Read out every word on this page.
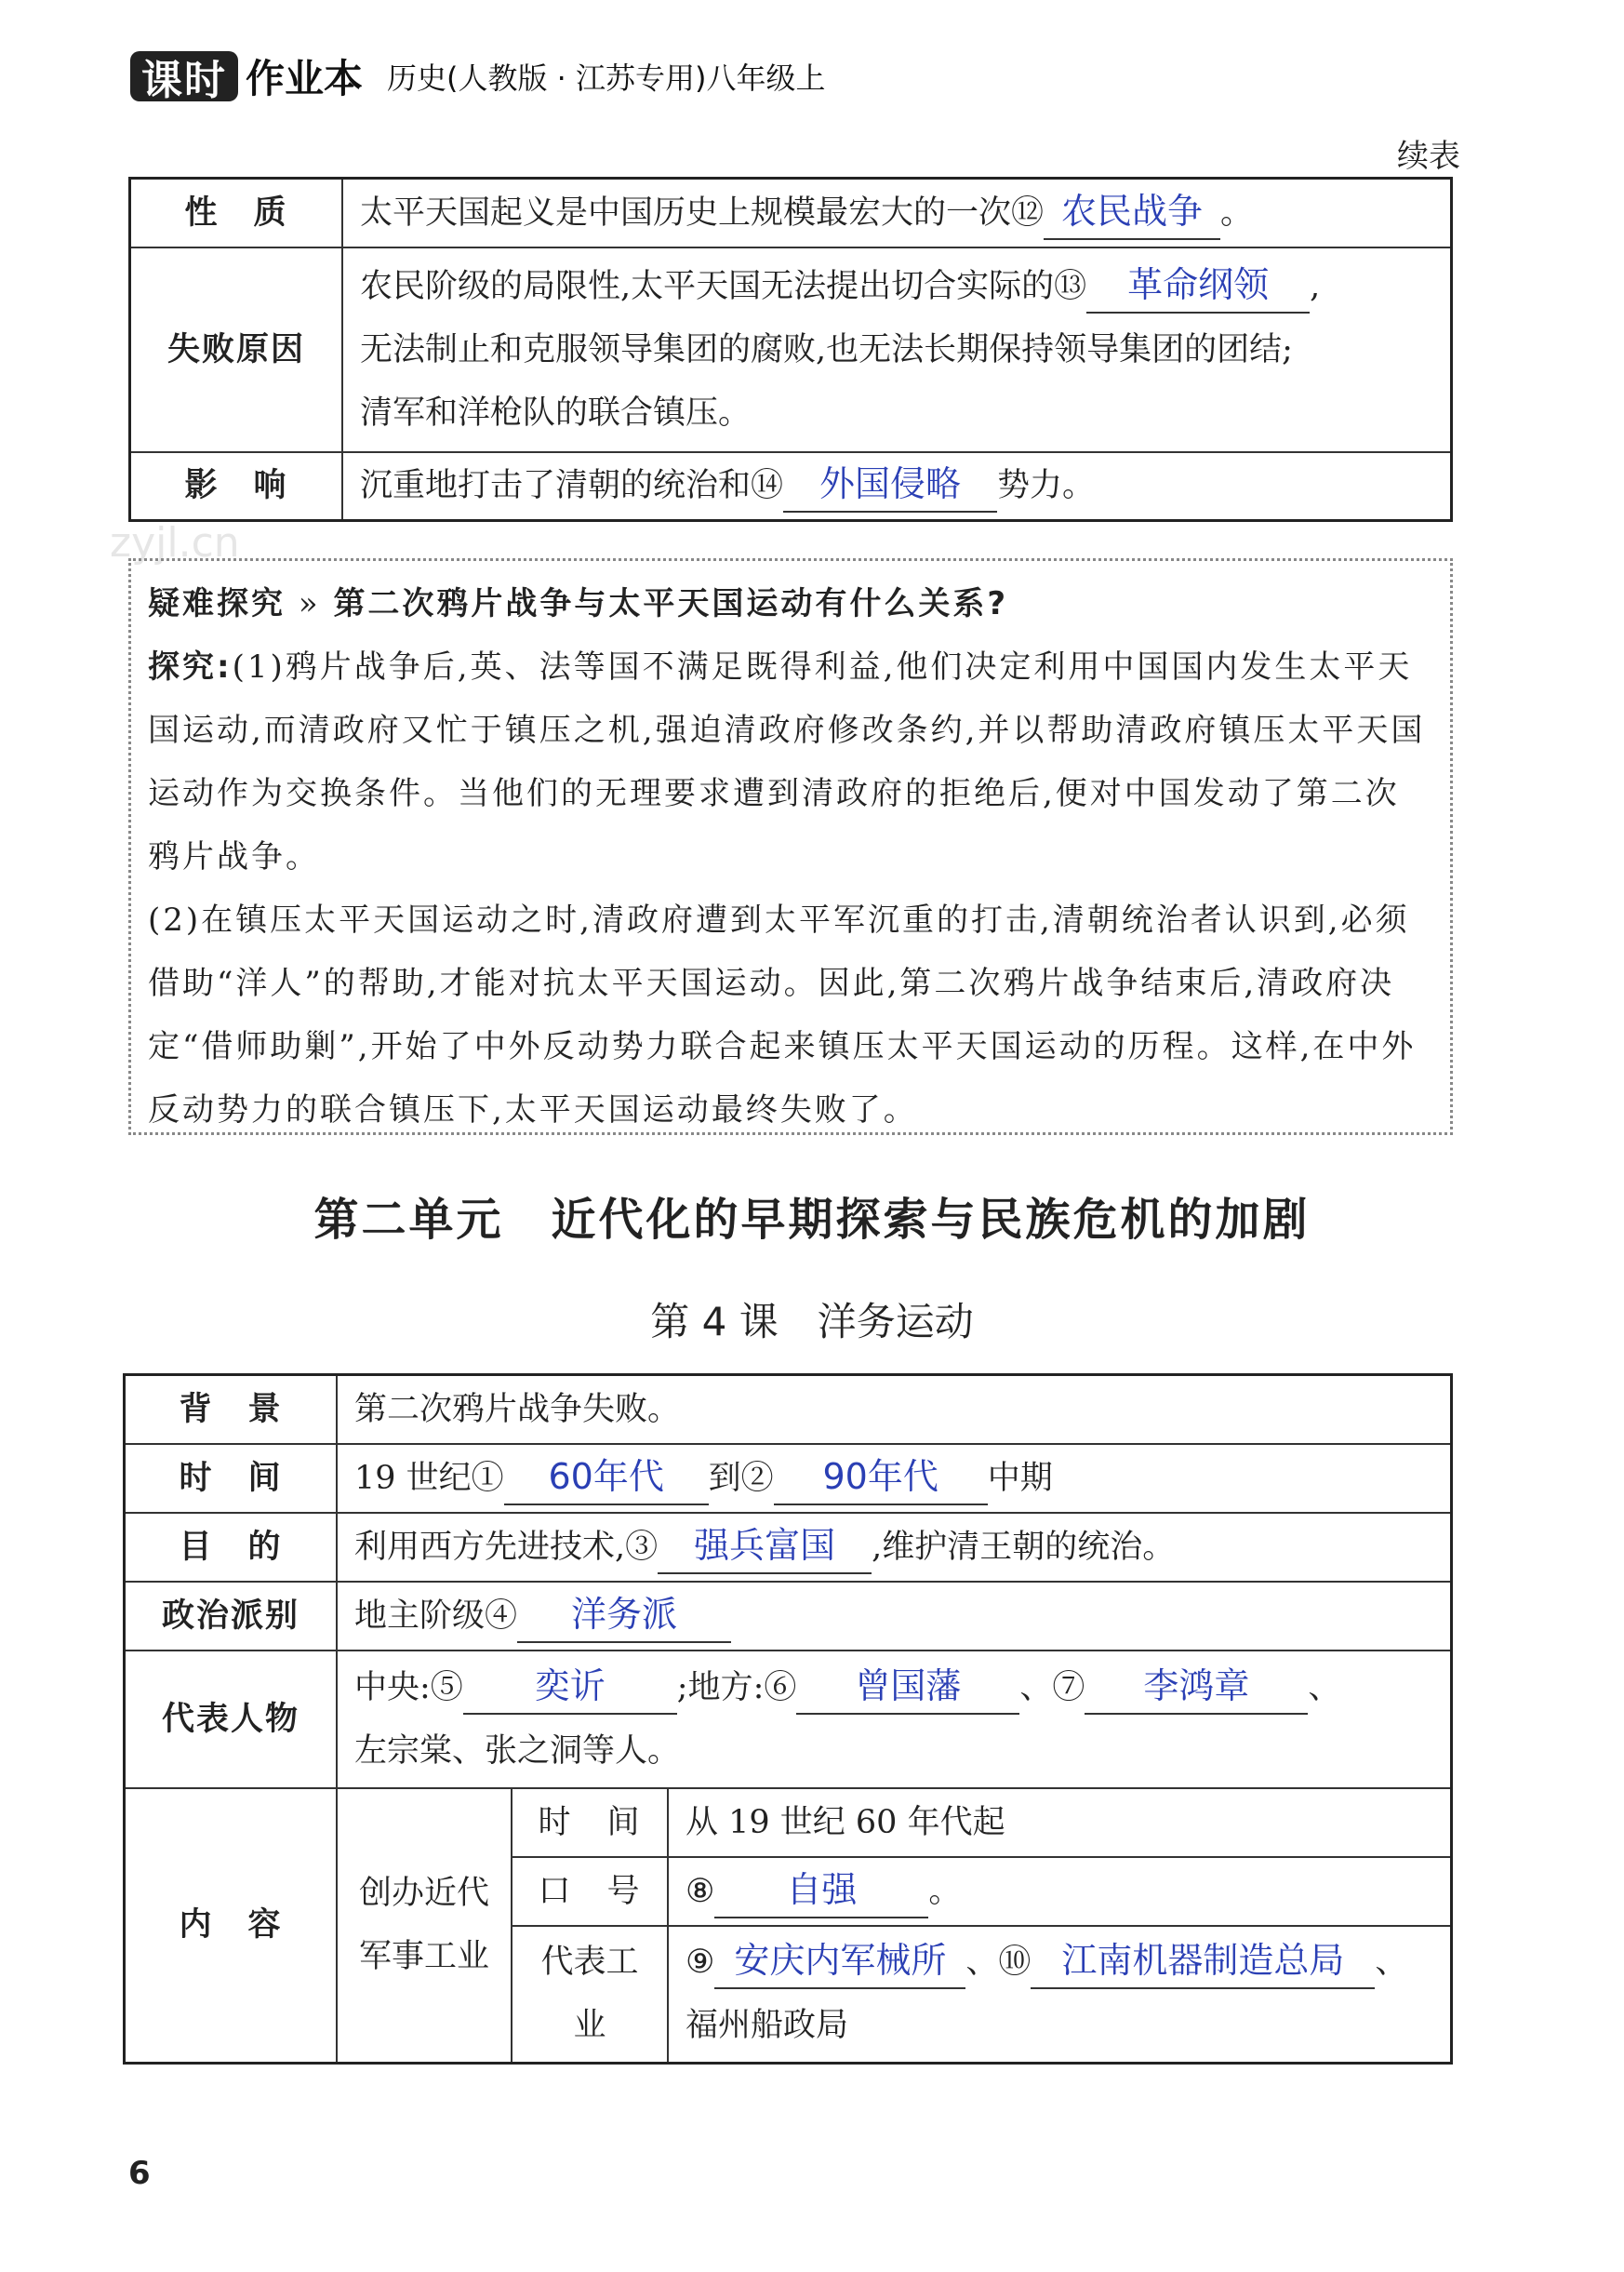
课时 作业本 历史(人教版 · 江苏专用)八年级上
续表
性　质	太平天国起义是中国历史上规模最宏大的一次⑫ 农民战争 。
失败原因	农民阶级的局限性,太平天国无法提出切合实际的⑬ 革命纲领 ,
无法制止和克服领导集团的腐败,也无法长期保持领导集团的团结;
清军和洋枪队的联合镇压。

影　响	沉重地打击了清朝的统治和⑭ 外国侵略 势力。
zyjl.cn
疑难探究 » 第二次鸦片战争与太平天国运动有什么关系?
探究:(1)鸦片战争后,英、法等国不满足既得利益,他们决定利用中国国内发生太平天国运动,而清政府又忙于镇压之机,强迫清政府修改条约,并以帮助清政府镇压太平天国运动作为交换条件。当他们的无理要求遭到清政府的拒绝后,便对中国发动了第二次鸦片战争。
(2)在镇压太平天国运动之时,清政府遭到太平军沉重的打击,清朝统治者认识到,必须借助“洋人”的帮助,才能对抗太平天国运动。因此,第二次鸦片战争结束后,清政府决定“借师助剿”,开始了中外反动势力联合起来镇压太平天国运动的历程。这样,在中外反动势力的联合镇压下,太平天国运动最终失败了。
第二单元　近代化的早期探索与民族危机的加剧
第 4 课　洋务运动
背　景	第二次鸦片战争失败。		
时　间	19 世纪① 60年代 到② 90年代 中期		
目　的	利用西方先进技术,③ 强兵富国 ,维护清王朝的统治。		
政治派别	地主阶级④ 洋务派		
代表人物	中央:⑤ 奕䜣 ;地方:⑥ 曾国藩 、⑦ 李鸿章 、
左宗棠、张之洞等人。		

内　容	创办近代军事工业	时　间	从 19 世纪 60 年代起
		口　号	⑧ 自强 。
		代表工业	⑨ 安庆内军械所 、⑩ 江南机器制造总局 、
福州船政局
6
